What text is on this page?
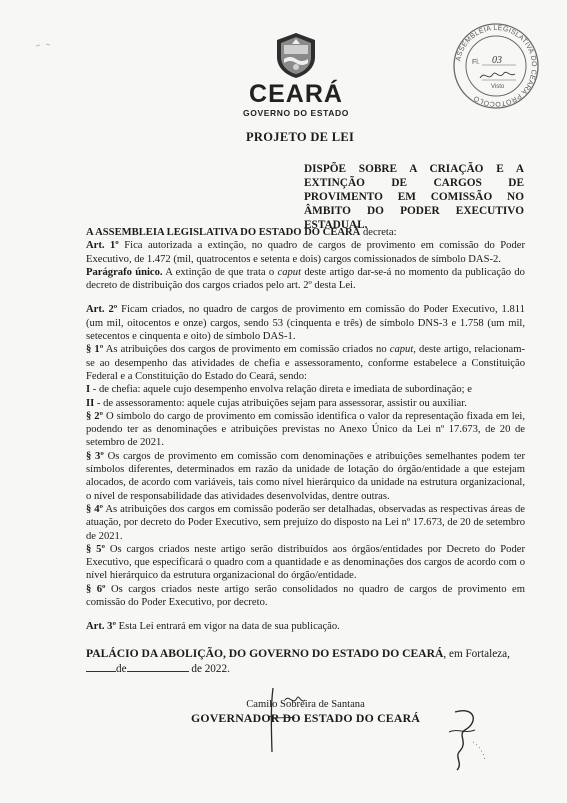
CEARÁ
GOVERNO DO ESTADO
ASSEMBLEIA LEGISLATIVA DO CEARÁ PROTOCOLO
Fl. 03
Visto
PROJETO DE LEI
DISPÕE SOBRE A CRIAÇÃO E A EXTINÇÃO DE CARGOS DE PROVIMENTO EM COMISSÃO NO ÂMBITO DO PODER EXECUTIVO ESTADUAL.

A ASSEMBLEIA LEGISLATIVA DO ESTADO DO CEARÁ decreta:

Art. 1º Fica autorizada a extinção, no quadro de cargos de provimento em comissão do Poder Executivo, de 1.472 (mil, quatrocentos e setenta e dois) cargos comissionados de símbolo DAS-2.

Parágrafo único. A extinção de que trata o caput deste artigo dar-se-á no momento da publicação do decreto de distribuição dos cargos criados pelo art. 2º desta Lei.

Art. 2º Ficam criados, no quadro de cargos de provimento em comissão do Poder Executivo, 1.811 (um mil, oitocentos e onze) cargos, sendo 53 (cinquenta e três) de símbolo DNS-3 e 1.758 (um mil, setecentos e cinquenta e oito) de símbolo DAS-1.

§ 1º As atribuições dos cargos de provimento em comissão criados no caput, deste artigo, relacionam-se ao desempenho das atividades de chefia e assessoramento, conforme estabelece a Constituição Federal e a Constituição do Estado do Ceará, sendo:

I - de chefia: aquele cujo desempenho envolva relação direta e imediata de subordinação; e

II - de assessoramento: aquele cujas atribuições sejam para assessorar, assistir ou auxiliar.

§ 2º O símbolo do cargo de provimento em comissão identifica o valor da representação fixada em lei, podendo ter as denominações e atribuições previstas no Anexo Único da Lei nº 17.673, de 20 de setembro de 2021.

§ 3º Os cargos de provimento em comissão com denominações e atribuições semelhantes podem ter símbolos diferentes, determinados em razão da unidade de lotação do órgão/entidade a que estejam alocados, de acordo com variáveis, tais como nível hierárquico da unidade na estrutura organizacional, o nível de responsabilidade das atividades desenvolvidas, dentre outras.

§ 4º As atribuições dos cargos em comissão poderão ser detalhadas, observadas as respectivas áreas de atuação, por decreto do Poder Executivo, sem prejuízo do disposto na Lei nº 17.673, de 20 de setembro de 2021.

§ 5º Os cargos criados neste artigo serão distribuídos aos órgãos/entidades por Decreto do Poder Executivo, que especificará o quadro com a quantidade e as denominações dos cargos de acordo com o nível hierárquico da estrutura organizacional do órgão/entidade.

§ 6º Os cargos criados neste artigo serão consolidados no quadro de cargos de provimento em comissão do Poder Executivo, por decreto.

Art. 3º Esta Lei entrará em vigor na data de sua publicação.

PALÁCIO DA ABOLIÇÃO, DO GOVERNO DO ESTADO DO CEARÁ, em Fortaleza,

de	de 2022.

Camilo Sobreira de Santana
GOVERNADOR DO ESTADO DO CEARÁ
